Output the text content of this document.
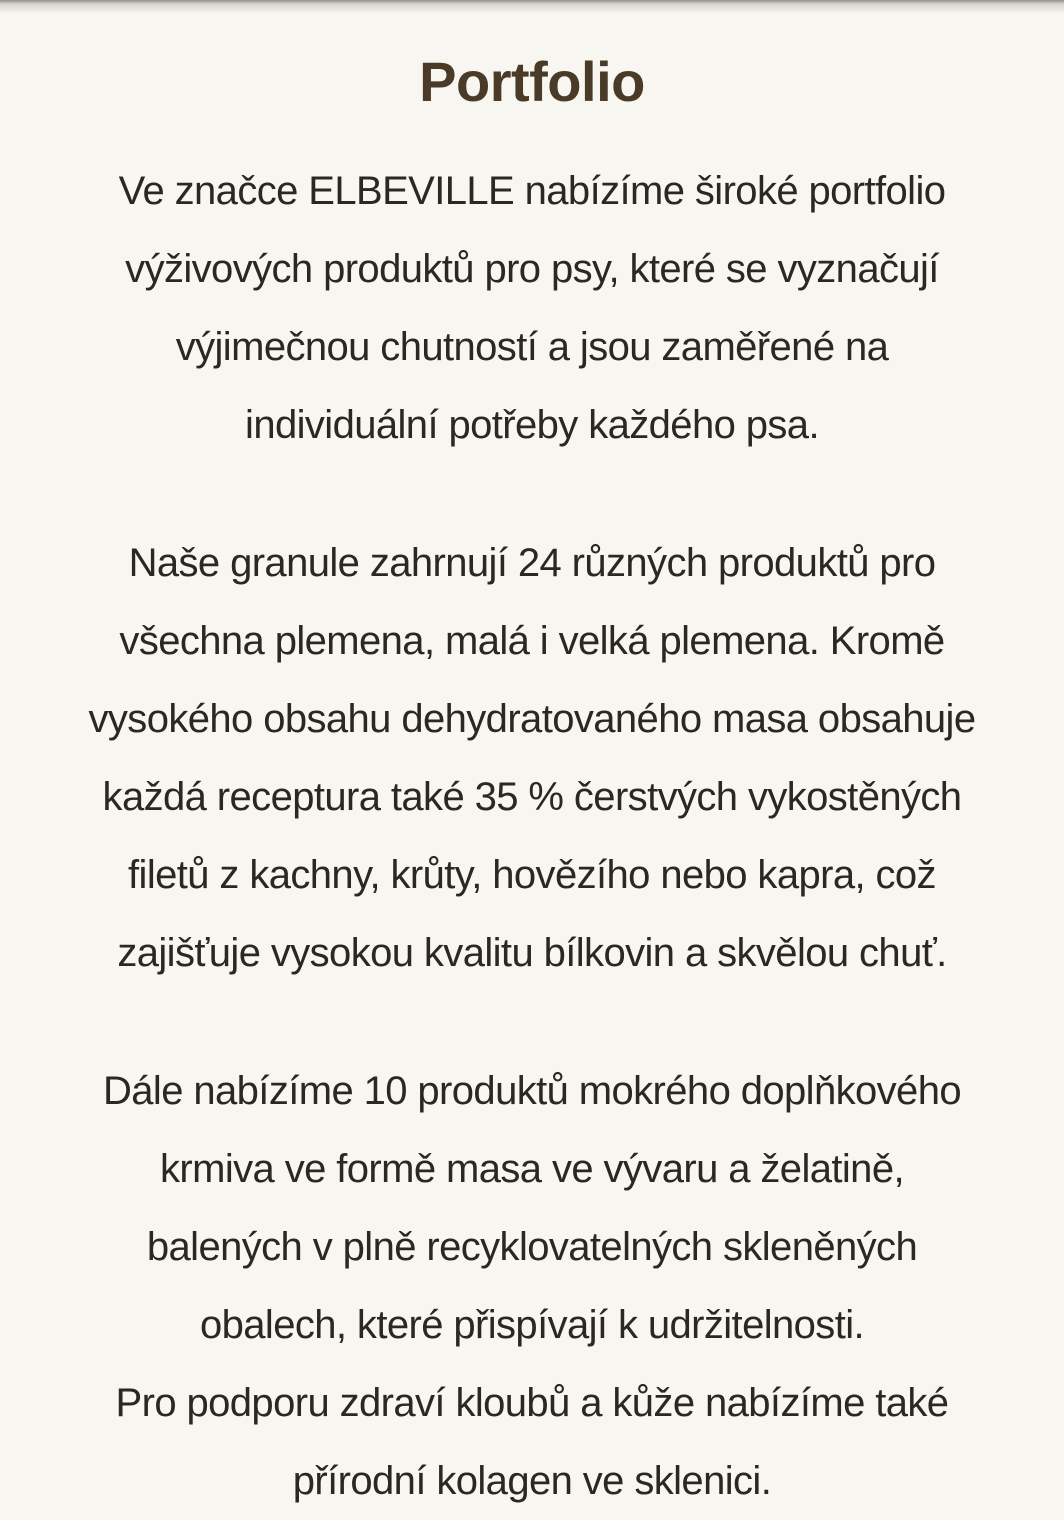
Portfolio

Ve značce ELBEVILLE nabízíme široké portfolio
výživových produktů pro psy, které se vyznačují
výjimečnou chutností a jsou zaměřené na
individuální potřeby každého psa.

Naše granule zahrnují 24 různých produktů pro
všechna plemena, malá i velká plemena. Kromě
vysokého obsahu dehydratovaného masa obsahuje
každá receptura také 35 % čerstvých vykostěných
filetů z kachny, krůty, hovězího nebo kapra, což
zajišťuje vysokou kvalitu bílkovin a skvělou chuť.

Dále nabízíme 10 produktů mokrého doplňkového
krmiva ve formě masa ve vývaru a želatině,
balených v plně recyklovatelných skleněných
obalech, které přispívají k udržitelnosti.
Pro podporu zdraví kloubů a kůže nabízíme také
přírodní kolagen ve sklenici.
